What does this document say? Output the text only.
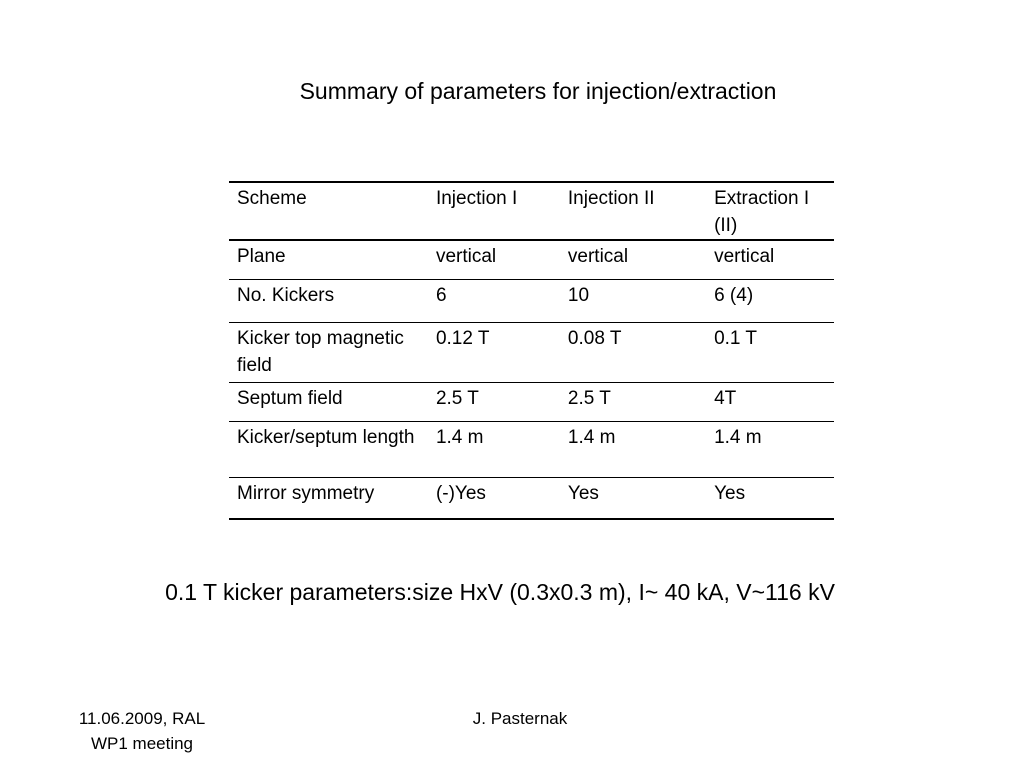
Summary of parameters for injection/extraction
Scheme	Injection I	Injection II	Extraction I (II)
Plane	vertical	vertical	vertical
No. Kickers	6	10	6 (4)
Kicker top magnetic field	0.12 T	0.08 T	0.1 T
Septum field	2.5 T	2.5 T	4T
Kicker/septum length	1.4 m	1.4 m	1.4 m
Mirror symmetry	(-)Yes	Yes	Yes
0.1 T kicker parameters:size HxV (0.3x0.3 m), I~ 40 kA, V~116 kV
11.06.2009, RAL
WP1 meeting
J. Pasternak
